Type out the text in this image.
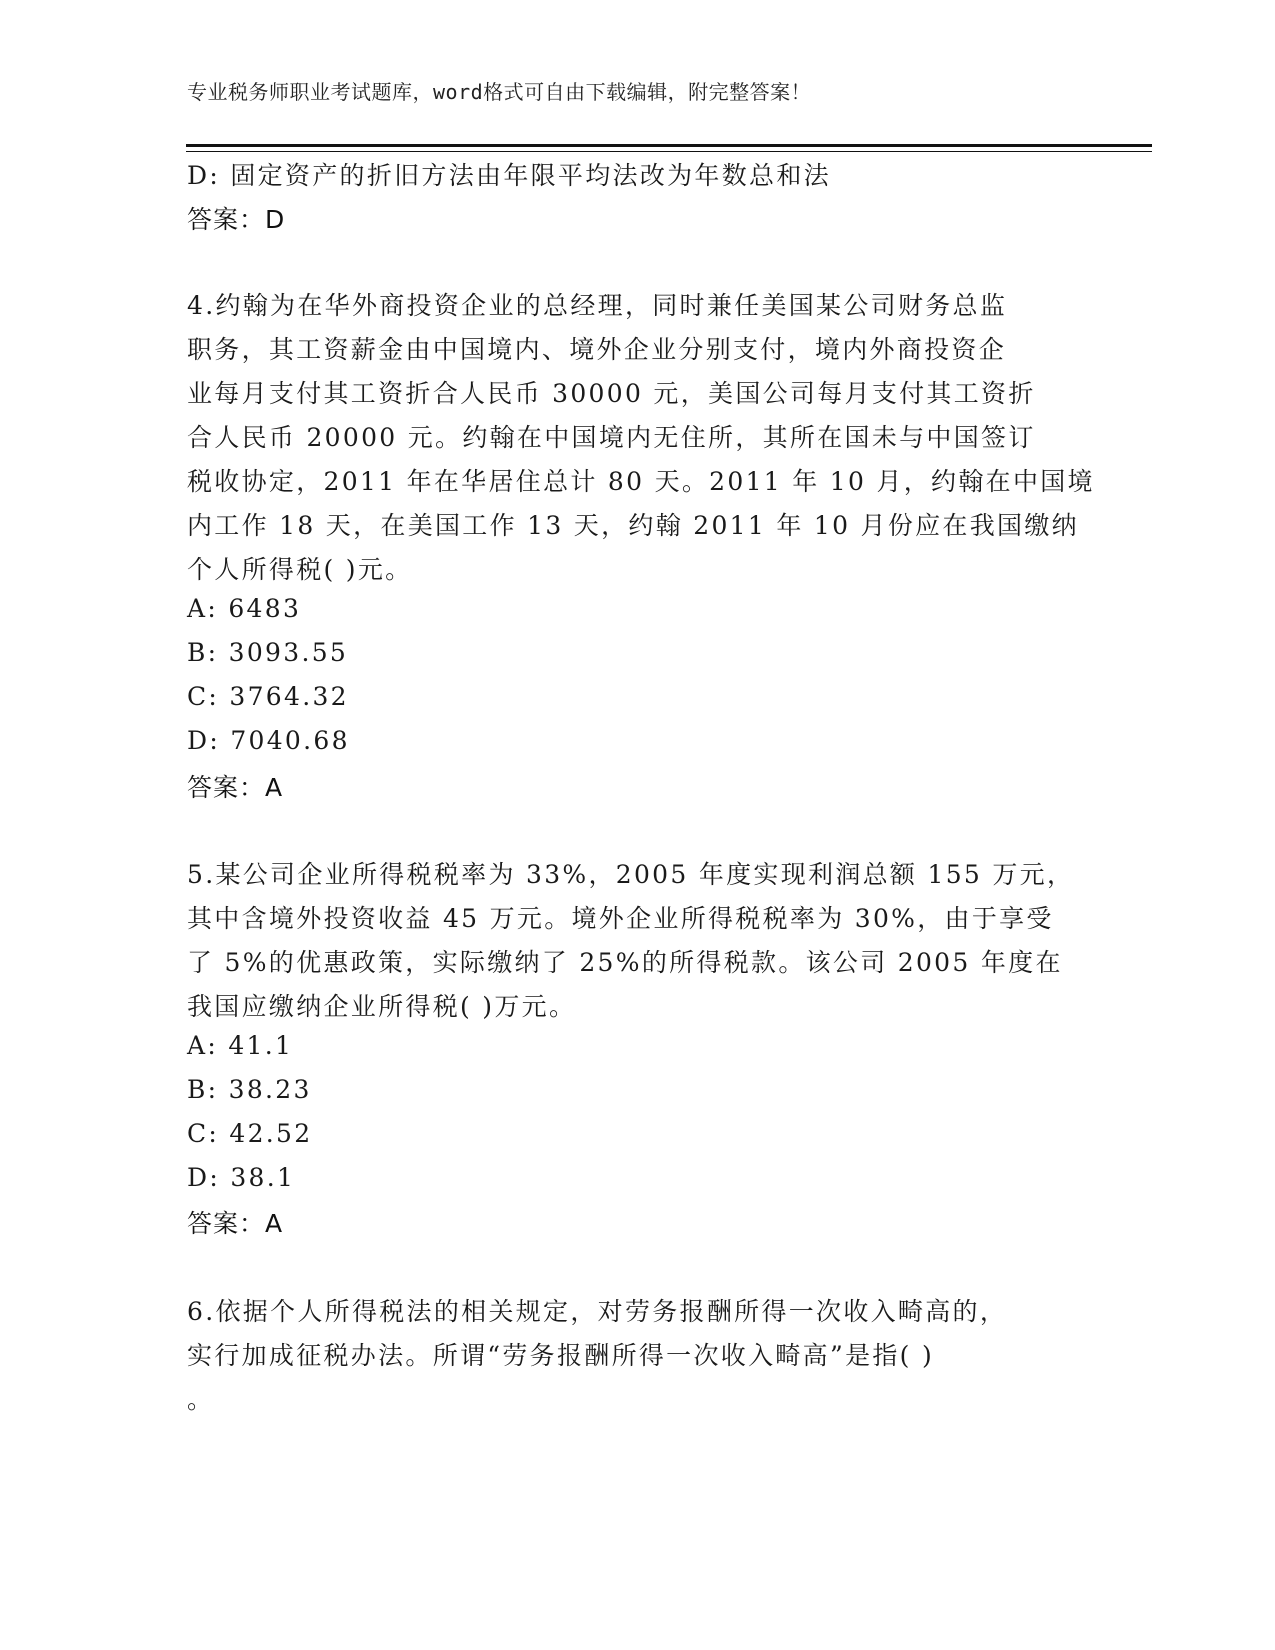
专业税务师职业考试题库，word格式可自由下载编辑，附完整答案！
D: 固定资产的折旧方法由年限平均法改为年数总和法
答案：D
4.约翰为在华外商投资企业的总经理，同时兼任美国某公司财务总监
职务，其工资薪金由中国境内、境外企业分别支付，境内外商投资企
业每月支付其工资折合人民币 30000 元，美国公司每月支付其工资折
合人民币 20000 元。约翰在中国境内无住所，其所在国未与中国签订
税收协定，2011 年在华居住总计 80 天。2011 年 10 月，约翰在中国境
内工作 18 天，在美国工作 13 天，约翰 2011 年 10 月份应在我国缴纳
个人所得税( )元。
A: 6483
B: 3093.55
C: 3764.32
D: 7040.68
答案：A
5.某公司企业所得税税率为 33%，2005 年度实现利润总额 155 万元，
其中含境外投资收益 45 万元。境外企业所得税税率为 30%，由于享受
了 5%的优惠政策，实际缴纳了 25%的所得税款。该公司 2005 年度在
我国应缴纳企业所得税( )万元。
A: 41.1
B: 38.23
C: 42.52
D: 38.1
答案：A
6.依据个人所得税法的相关规定，对劳务报酬所得一次收入畸高的，
实行加成征税办法。所谓“劳务报酬所得一次收入畸高”是指( )
。
